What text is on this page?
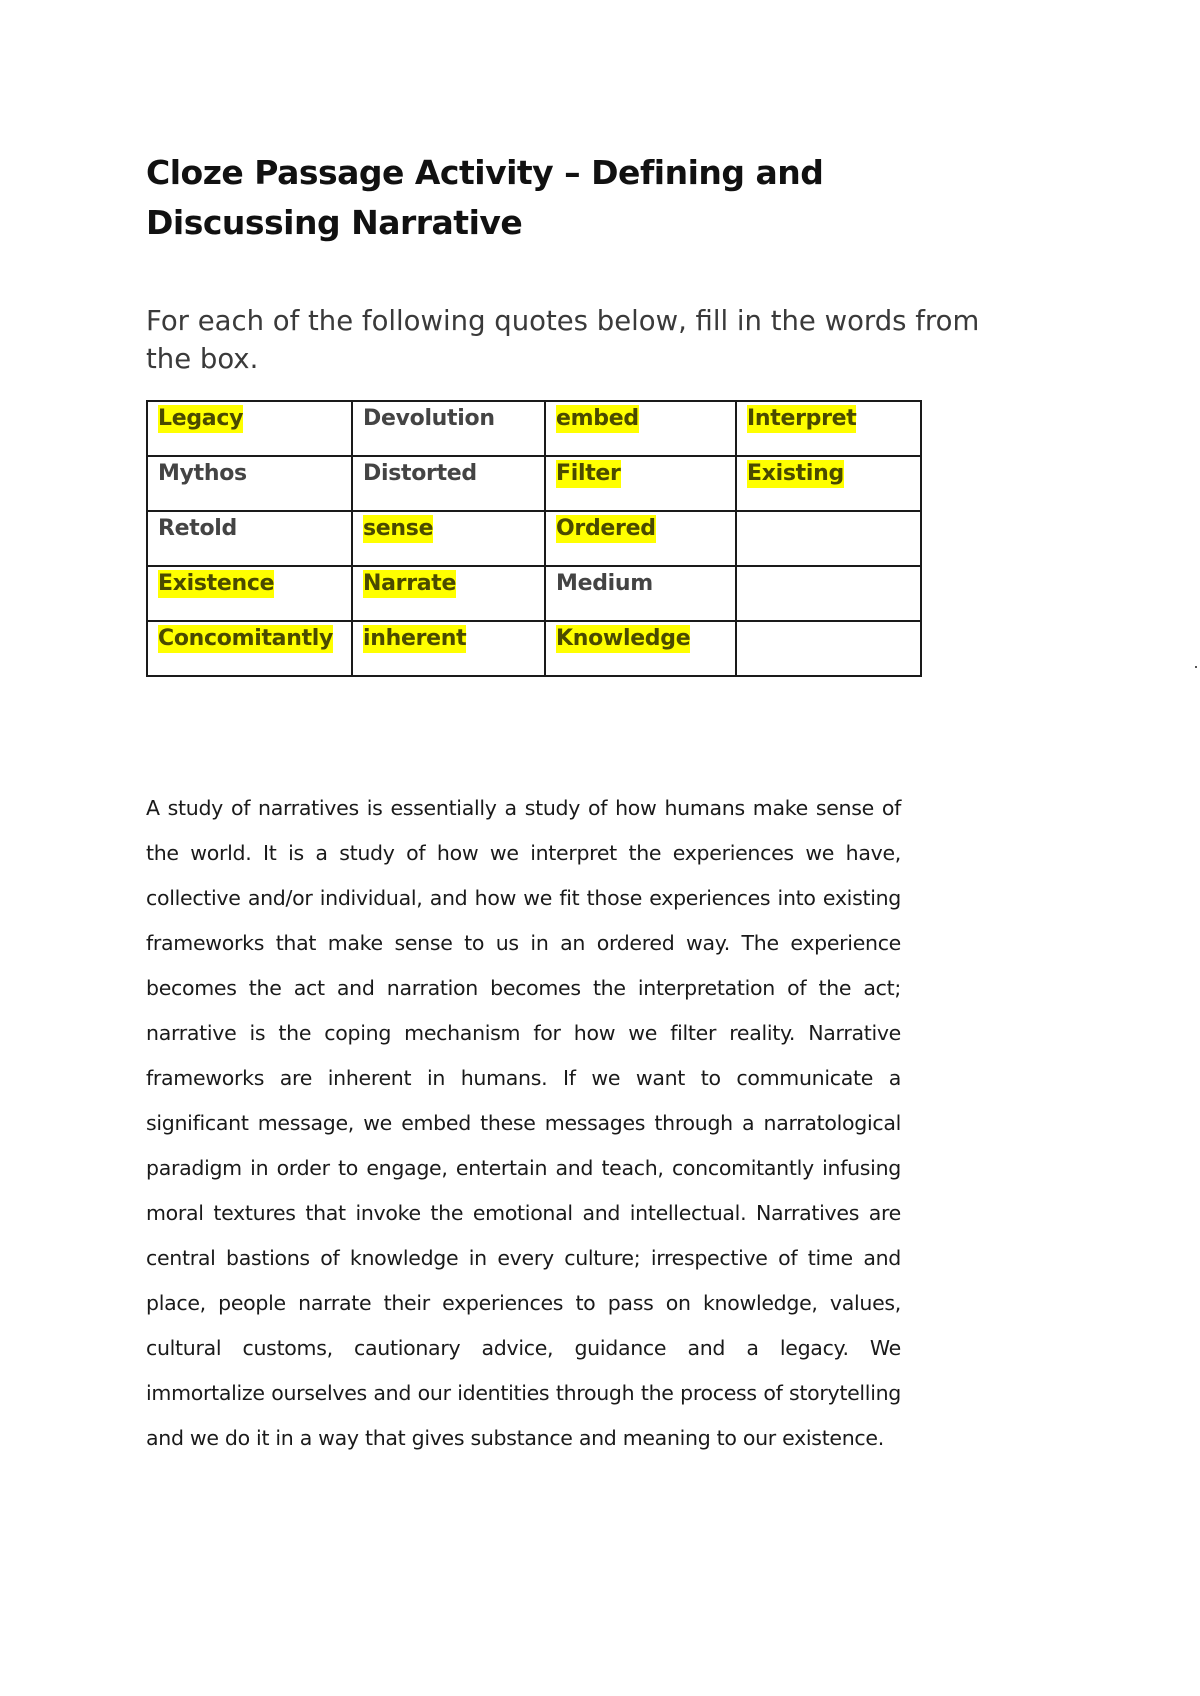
Cloze Passage Activity – Defining and Discussing Narrative

For each of the following quotes below, fill in the words from the box.

Legacy	Devolution	embed	Interpret
Mythos	Distorted	Filter	Existing
Retold	sense	Ordered	
Existence	Narrate	Medium	
Concomitantly	inherent	Knowledge	

A study of narratives is essentially a study of how humans make sense of the world. It is a study of how we interpret the experiences we have, collective and/or individual, and how we fit those experiences into existing frameworks that make sense to us in an ordered way. The experience becomes the act and narration becomes the interpretation of the act; narrative is the coping mechanism for how we filter reality. Narrative frameworks are inherent in humans. If we want to communicate a significant message, we embed these messages through a narratological paradigm in order to engage, entertain and teach, concomitantly infusing moral textures that invoke the emotional and intellectual. Narratives are central bastions of knowledge in every culture; irrespective of time and place, people narrate their experiences to pass on knowledge, values, cultural customs, cautionary advice, guidance and a legacy. We immortalize ourselves and our identities through the process of storytelling and we do it in a way that gives substance and meaning to our existence.
